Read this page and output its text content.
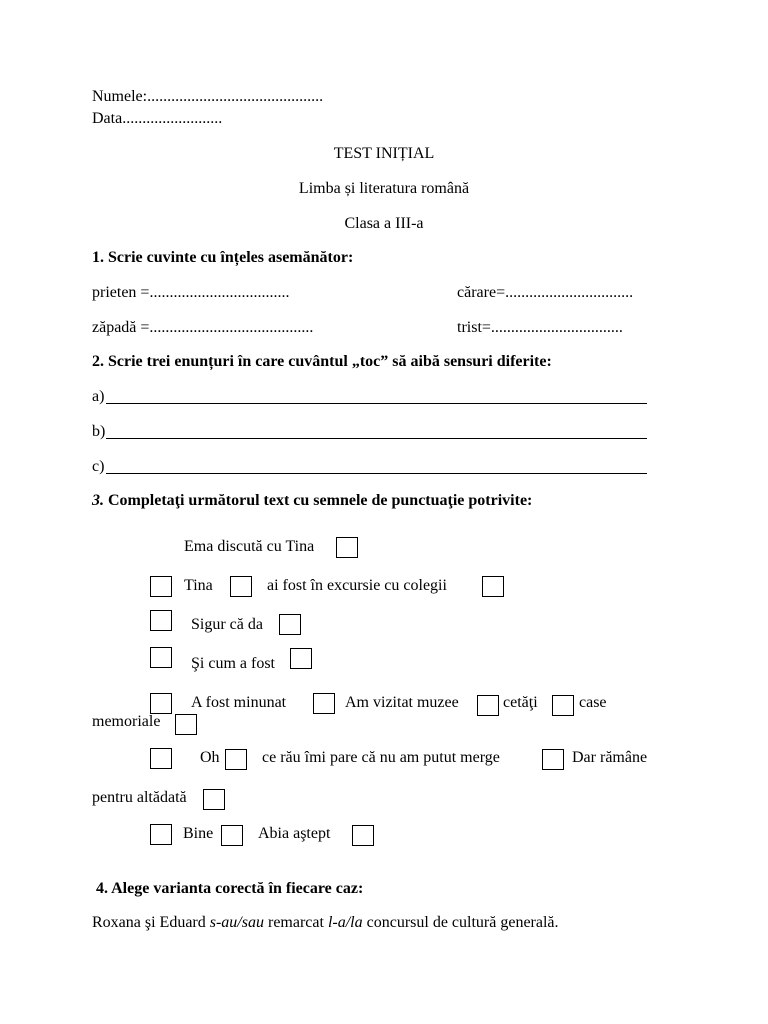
Numele:............................................
Data.........................
TEST INIȚIAL
Limba și literatura română
Clasa a III-a
1. Scrie cuvinte cu înțeles asemănător:
prieten =...................................	cărare=................................
zăpadă =.........................................	trist=.................................
2. Scrie trei enunțuri în care cuvântul „toc” să aibă sensuri diferite:
a)
b)
c)
3. Completaţi următorul text cu semnele de punctuaţie potrivite:
Ema discută cu Tina
Tina	ai fost în excursie cu colegii
Sigur că da
Şi cum a fost
A fost minunat	Am vizitat muzee	cetăţi	case
memoriale
Oh	ce rău îmi pare că nu am putut merge	Dar rămâne
pentru altădată
Bine	Abia aştept
4. Alege varianta corectă în fiecare caz:
Roxana şi Eduard s-au/sau remarcat l-a/la concursul de cultură generală.
